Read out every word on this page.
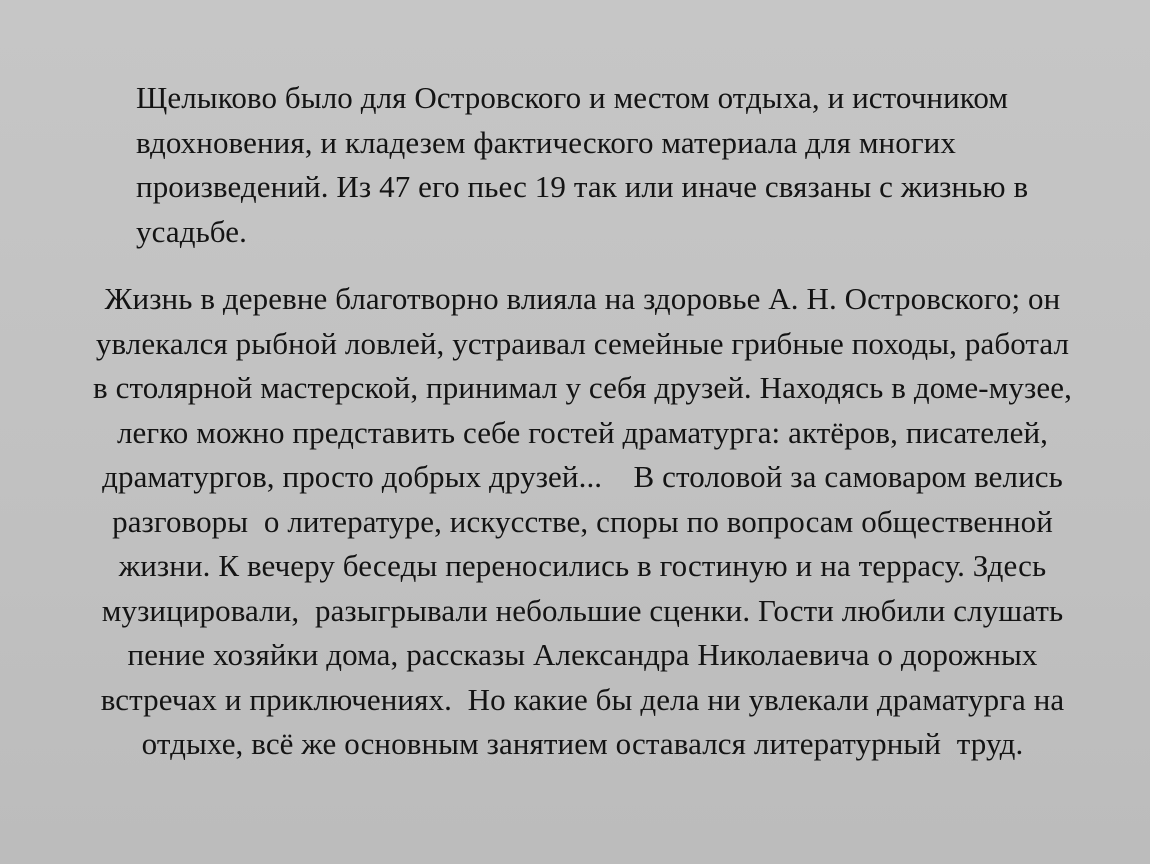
Щелыково было для Островского и местом отдыха, и источником
вдохновения, и кладезем фактического материала для многих
произведений. Из 47 его пьес 19 так или иначе связаны с жизнью в
усадьбе.

Жизнь в деревне благотворно влияла на здоровье А. Н. Островского; он
увлекался рыбной ловлей, устраивал семейные грибные походы, работал
в столярной мастерской, принимал у себя друзей. Находясь в доме-музее,
легко можно представить себе гостей драматурга: актёров, писателей,
драматургов, просто добрых друзей...    В столовой за самоваром велись
разговоры  о литературе, искусстве, споры по вопросам общественной
жизни. К вечеру беседы переносились в гостиную и на террасу. Здесь
музицировали,  разыгрывали небольшие сценки. Гости любили слушать
пение хозяйки дома, рассказы Александра Николаевича о дорожных
встречах и приключениях.  Но какие бы дела ни увлекали драматурга на
отдыхе, всё же основным занятием оставался литературный  труд.
